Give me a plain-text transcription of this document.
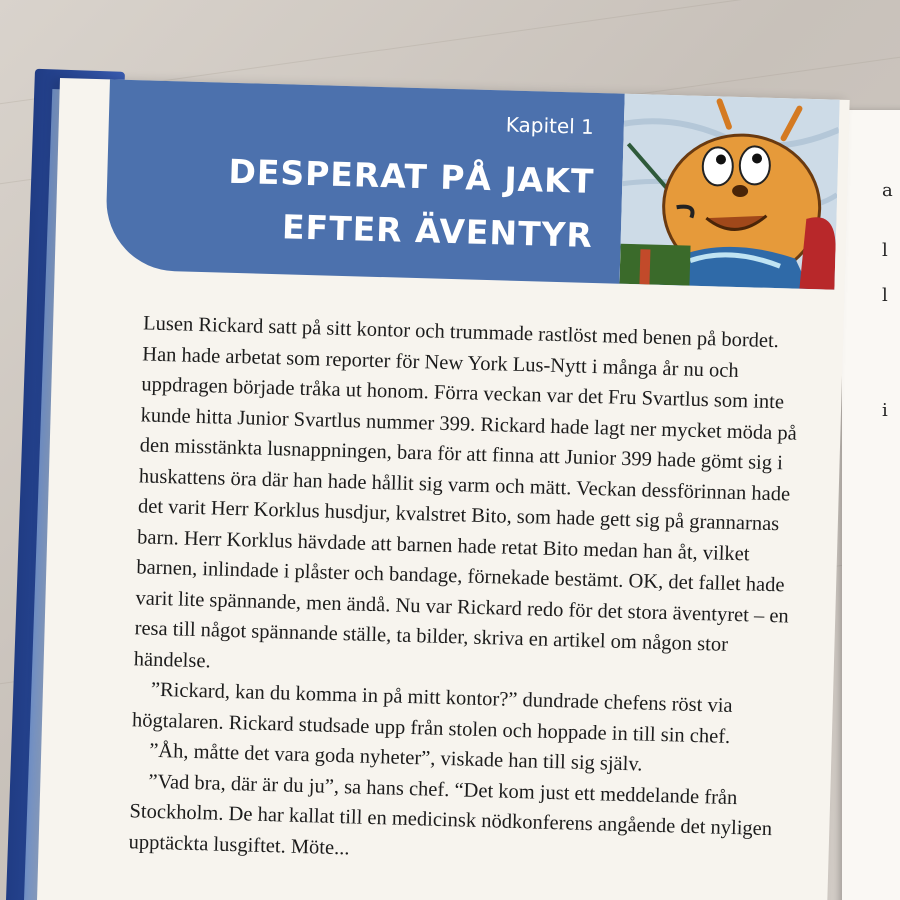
a
l
l
i
Kapitel 1
DESPERAT PÅ JAKT
EFTER ÄVENTYR

Lusen Rickard satt på sitt kontor och trummade rastlöst med benen på bordet. Han hade arbetat som reporter för New York Lus-Nytt i många år nu och uppdragen började tråka ut honom. Förra veckan var det Fru Svartlus som inte kunde hitta Junior Svartlus nummer 399. Rickard hade lagt ner mycket möda på den misstänkta lusnappningen, bara för att finna att Junior 399 hade gömt sig i huskattens öra där han hade hållit sig varm och mätt. Veckan dessförinnan hade det varit Herr Korklus husdjur, kvalstret Bito, som hade gett sig på grannarnas barn. Herr Korklus hävdade att barnen hade retat Bito medan han åt, vilket barnen, inlindade i plåster och bandage, förnekade bestämt. OK, det fallet hade varit lite spännande, men ändå. Nu var Rickard redo för det stora äventyret – en resa till något spännande ställe, ta bilder, skriva en artikel om någon stor händelse.

”Rickard, kan du komma in på mitt kontor?” dundrade chefens röst via högtalaren. Rickard studsade upp från stolen och hoppade in till sin chef.

”Åh, måtte det vara goda nyheter”, viskade han till sig själv.

”Vad bra, där är du ju”, sa hans chef. “Det kom just ett meddelande från Stockholm. De har kallat till en medicinsk nödkonferens angående det nyligen upptäckta lusgiftet. Möte...
